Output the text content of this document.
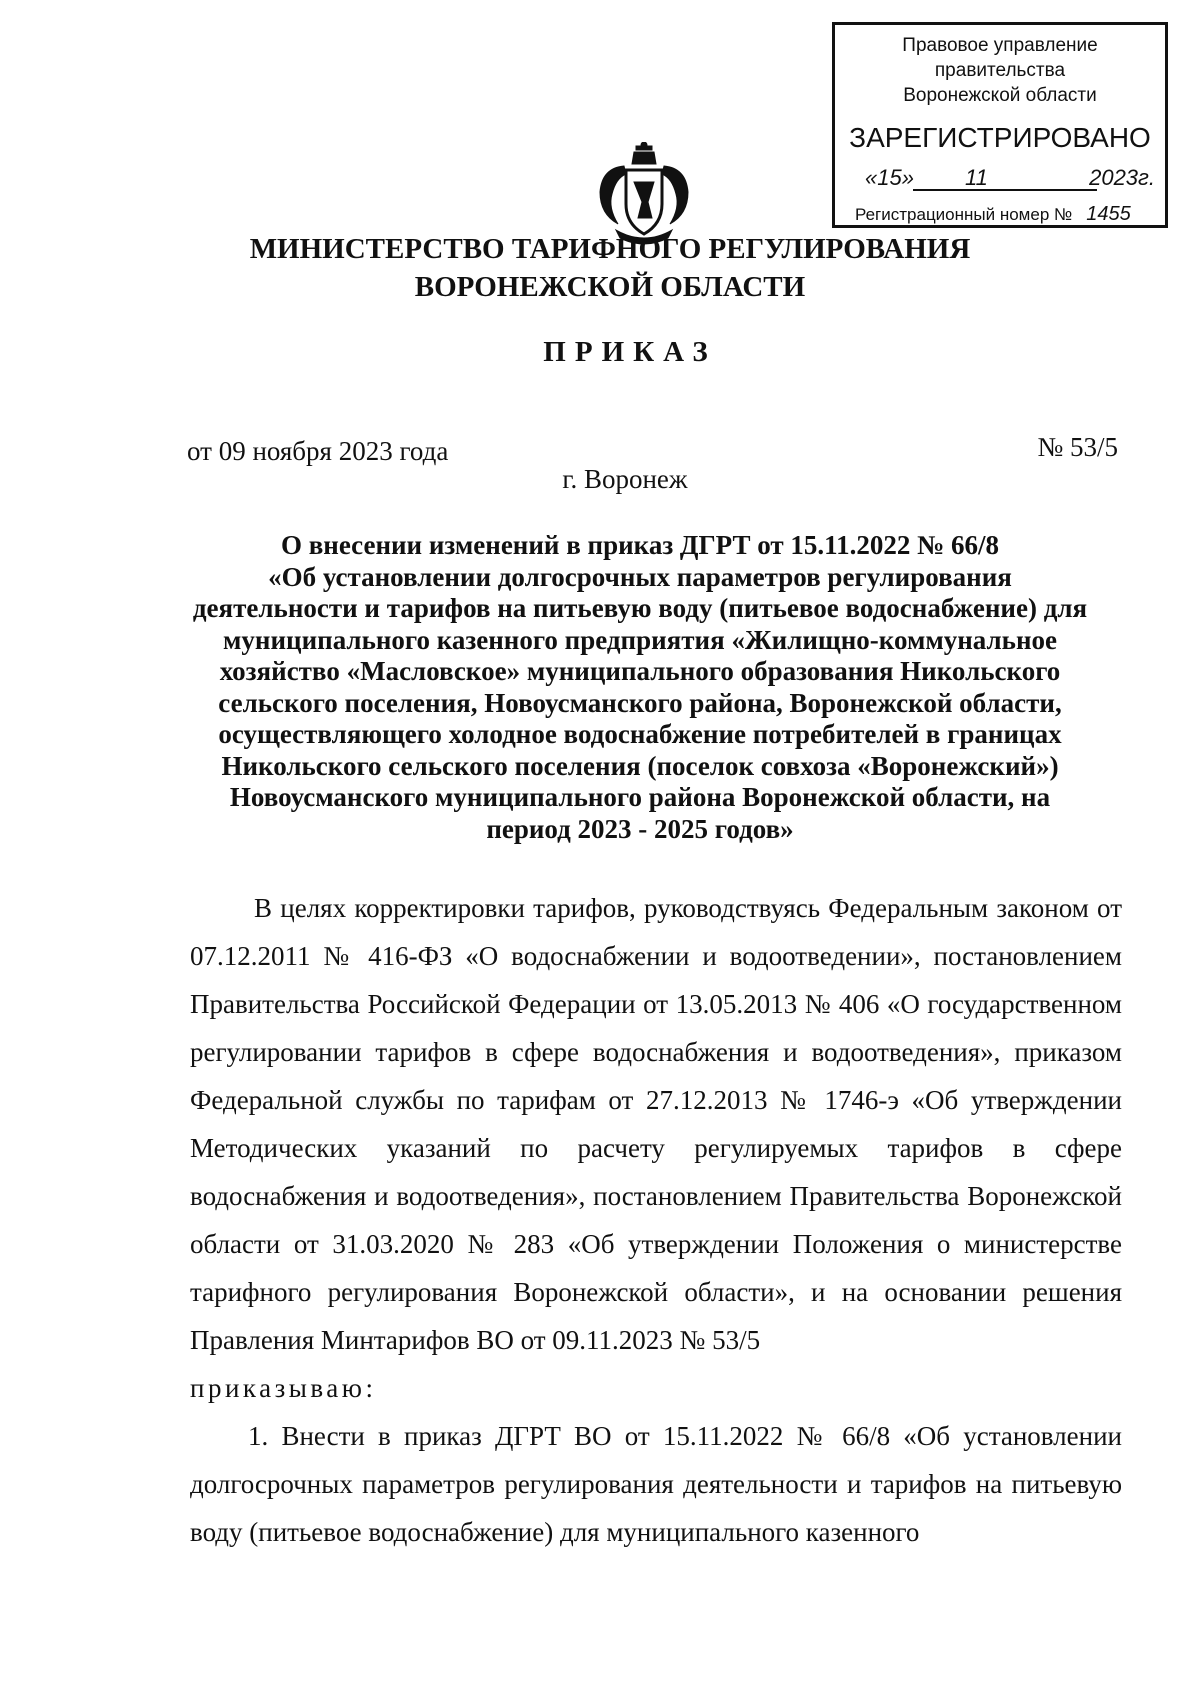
Правовое управление правительства
Воронежской области
ЗАРЕГИСТРИРОВАНО
«15» 11	2023г.
Регистрационный номер № 1455
МИНИСТЕРСТВО ТАРИФНОГО РЕГУЛИРОВАНИЯ
ВОРОНЕЖСКОЙ ОБЛАСТИ
ПРИКАЗ
от 09 ноября 2023 года	№ 53/5
г. Воронеж
О внесении изменений в приказ ДГРТ от 15.11.2022 № 66/8
«Об установлении долгосрочных параметров регулирования
деятельности и тарифов на питьевую воду (питьевое водоснабжение) для
муниципального казенного предприятия «Жилищно-коммунальное
хозяйство «Масловское» муниципального образования Никольского
сельского поселения, Новоусманского района, Воронежской области,
осуществляющего холодное водоснабжение потребителей в границах
Никольского сельского поселения (поселок совхоза «Воронежский»)
Новоусманского муниципального района Воронежской области, на
период 2023 - 2025 годов»

В целях корректировки тарифов, руководствуясь Федеральным законом от 07.12.2011 № 416-ФЗ «О водоснабжении и водоотведении», постановлением Правительства Российской Федерации от 13.05.2013 № 406 «О государственном регулировании тарифов в сфере водоснабжения и водоотведения», приказом Федеральной службы по тарифам от 27.12.2013 № 1746-э «Об утверждении Методических указаний по расчету регулируемых тарифов в сфере водоснабжения и водоотведения», постановлением Правительства Воронежской области от 31.03.2020 № 283 «Об утверждении Положения о министерстве тарифного регулирования Воронежской области», и на основании решения Правления Минтарифов ВО от 09.11.2023 № 53/5

приказываю:

1. Внести в приказ ДГРТ ВО от 15.11.2022 № 66/8 «Об установлении долгосрочных параметров регулирования деятельности и тарифов на питьевую воду (питьевое водоснабжение) для муниципального казенного
